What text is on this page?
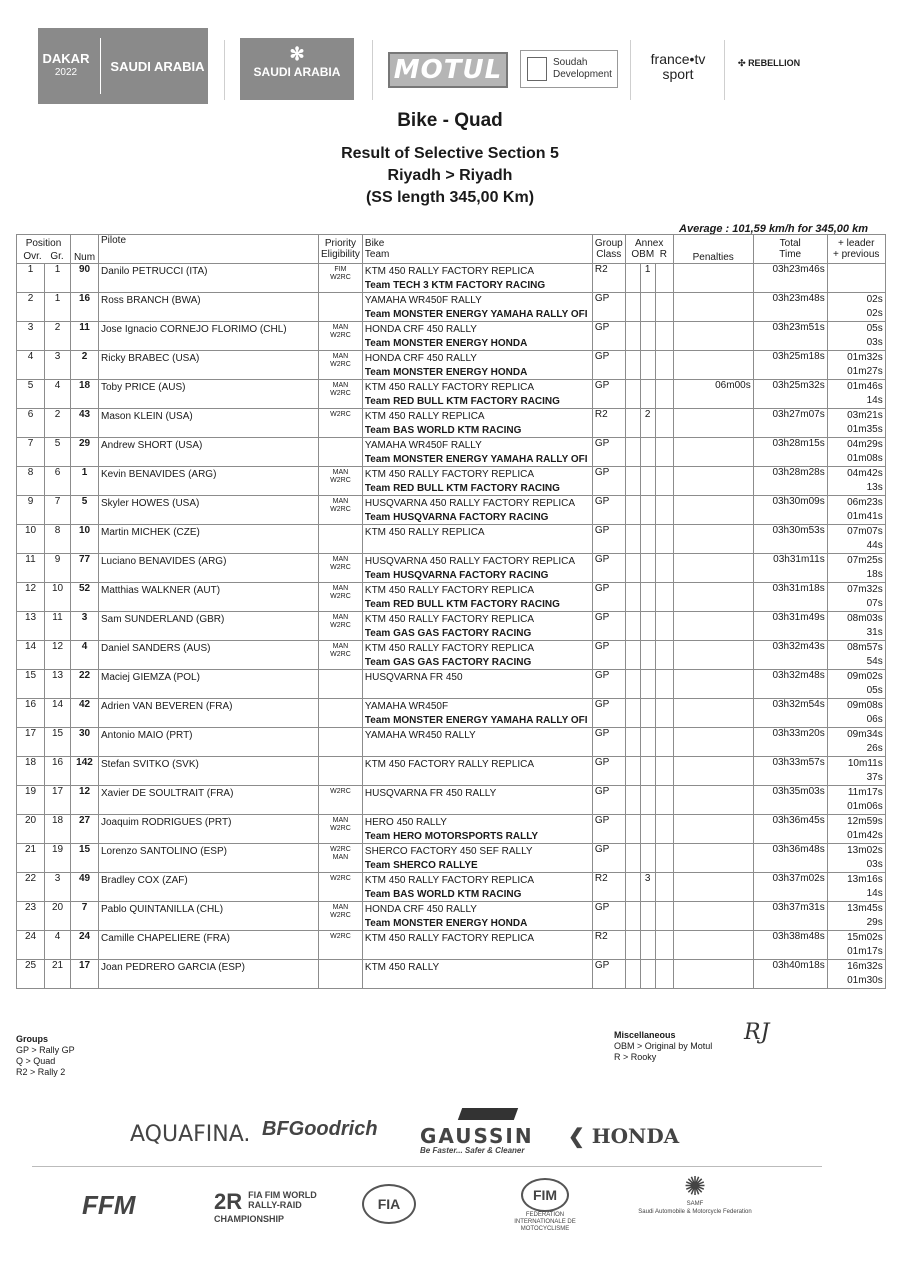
DAKAR
2022	SAUDI ARABIA
✻
SAUDI ARABIA	MOTUL	Soudah
Development
france•tv
sport
✣ REBELLION
Bike - Quad
Result of Selective Section 5
Riyadh > Riyadh
(SS length 345,00 Km)
Average : 101,59 km/h for 345,00 km
Position
Ovr. Gr.		Num	Pilote	Priority
Eligibility	Bike
Team	Group
Class	Annex
OBM R			Penalties	Total
Time	+ leader
+ previous
1	1	90	Danilo PETRUCCI (ITA)	FIM
W2RC	KTM 450 RALLY FACTORY REPLICA
Team TECH 3 KTM FACTORY RACING	R2		1			03h23m46s	

2	1	16	Ross BRANCH (BWA)		YAMAHA WR450F RALLY
Team MONSTER ENERGY YAMAHA RALLY OFI	GP					03h23m48s	02s
02s

3	2	11	Jose Ignacio CORNEJO FLORIMO (CHL)	MAN
W2RC	HONDA CRF 450 RALLY
Team MONSTER ENERGY HONDA	GP					03h23m51s	05s
03s

4	3	2	Ricky BRABEC (USA)	MAN
W2RC	HONDA CRF 450 RALLY
Team MONSTER ENERGY HONDA	GP					03h25m18s	01m32s
01m27s

5	4	18	Toby PRICE (AUS)	MAN
W2RC	KTM 450 RALLY FACTORY REPLICA
Team RED BULL KTM FACTORY RACING	GP				06m00s	03h25m32s	01m46s
14s

6	2	43	Mason KLEIN (USA)	W2RC	KTM 450 RALLY REPLICA
Team BAS WORLD KTM RACING	R2		2			03h27m07s	03m21s
01m35s

7	5	29	Andrew SHORT (USA)		YAMAHA WR450F RALLY
Team MONSTER ENERGY YAMAHA RALLY OFI	GP					03h28m15s	04m29s
01m08s

8	6	1	Kevin BENAVIDES (ARG)	MAN
W2RC	KTM 450 RALLY FACTORY REPLICA
Team RED BULL KTM FACTORY RACING	GP					03h28m28s	04m42s
13s

9	7	5	Skyler HOWES (USA)	MAN
W2RC	HUSQVARNA 450 RALLY FACTORY REPLICA
Team HUSQVARNA FACTORY RACING	GP					03h30m09s	06m23s
01m41s

10	8	10	Martin MICHEK (CZE)		KTM 450 RALLY REPLICA	GP					03h30m53s	07m07s
44s

11	9	77	Luciano BENAVIDES (ARG)	MAN
W2RC	HUSQVARNA 450 RALLY FACTORY REPLICA
Team HUSQVARNA FACTORY RACING	GP					03h31m11s	07m25s
18s

12	10	52	Matthias WALKNER (AUT)	MAN
W2RC	KTM 450 RALLY FACTORY REPLICA
Team RED BULL KTM FACTORY RACING	GP					03h31m18s	07m32s
07s

13	11	3	Sam SUNDERLAND (GBR)	MAN
W2RC	KTM 450 RALLY FACTORY REPLICA
Team GAS GAS FACTORY RACING	GP					03h31m49s	08m03s
31s

14	12	4	Daniel SANDERS (AUS)	MAN
W2RC	KTM 450 RALLY FACTORY REPLICA
Team GAS GAS FACTORY RACING	GP					03h32m43s	08m57s
54s

15	13	22	Maciej GIEMZA (POL)		HUSQVARNA FR 450	GP					03h32m48s	09m02s
05s

16	14	42	Adrien VAN BEVEREN (FRA)		YAMAHA WR450F
Team MONSTER ENERGY YAMAHA RALLY OFI	GP					03h32m54s	09m08s
06s

17	15	30	Antonio MAIO (PRT)		YAMAHA WR450 RALLY	GP					03h33m20s	09m34s
26s

18	16	142	Stefan SVITKO (SVK)		KTM 450 FACTORY RALLY REPLICA	GP					03h33m57s	10m11s
37s

19	17	12	Xavier DE SOULTRAIT (FRA)	W2RC	HUSQVARNA FR 450 RALLY	GP					03h35m03s	11m17s
01m06s

20	18	27	Joaquim RODRIGUES (PRT)	MAN
W2RC	HERO 450 RALLY
Team HERO MOTORSPORTS RALLY	GP					03h36m45s	12m59s
01m42s

21	19	15	Lorenzo SANTOLINO (ESP)	W2RC
MAN	SHERCO FACTORY 450 SEF RALLY
Team SHERCO RALLYE	GP					03h36m48s	13m02s
03s

22	3	49	Bradley COX (ZAF)	W2RC	KTM 450 RALLY FACTORY REPLICA
Team BAS WORLD KTM RACING	R2		3			03h37m02s	13m16s
14s

23	20	7	Pablo QUINTANILLA (CHL)	MAN
W2RC	HONDA CRF 450 RALLY
Team MONSTER ENERGY HONDA	GP					03h37m31s	13m45s
29s

24	4	24	Camille CHAPELIERE (FRA)	W2RC	KTM 450 RALLY FACTORY REPLICA	R2					03h38m48s	15m02s
01m17s

25	21	17	Joan PEDRERO GARCIA (ESP)		KTM 450 RALLY	GP					03h40m18s	16m32s
01m30s
Groups
GP > Rally GP
Q > Quad
R2 > Rally 2
Miscellaneous
OBM > Original by Motul
R > Rooky
RJ
AQUAFINA. BFGoodrich GAUSSIN
Be Faster... Safer & Cleaner
❮ HONDA
FFM	2R FIA FIM WORLD
RALLY-RAID
CHAMPIONSHIP
FIA
FIM
FEDERATION INTERNATIONALE DE MOTOCYCLISME
✺
SAMF
Saudi Automobile & Motorcycle Federation
